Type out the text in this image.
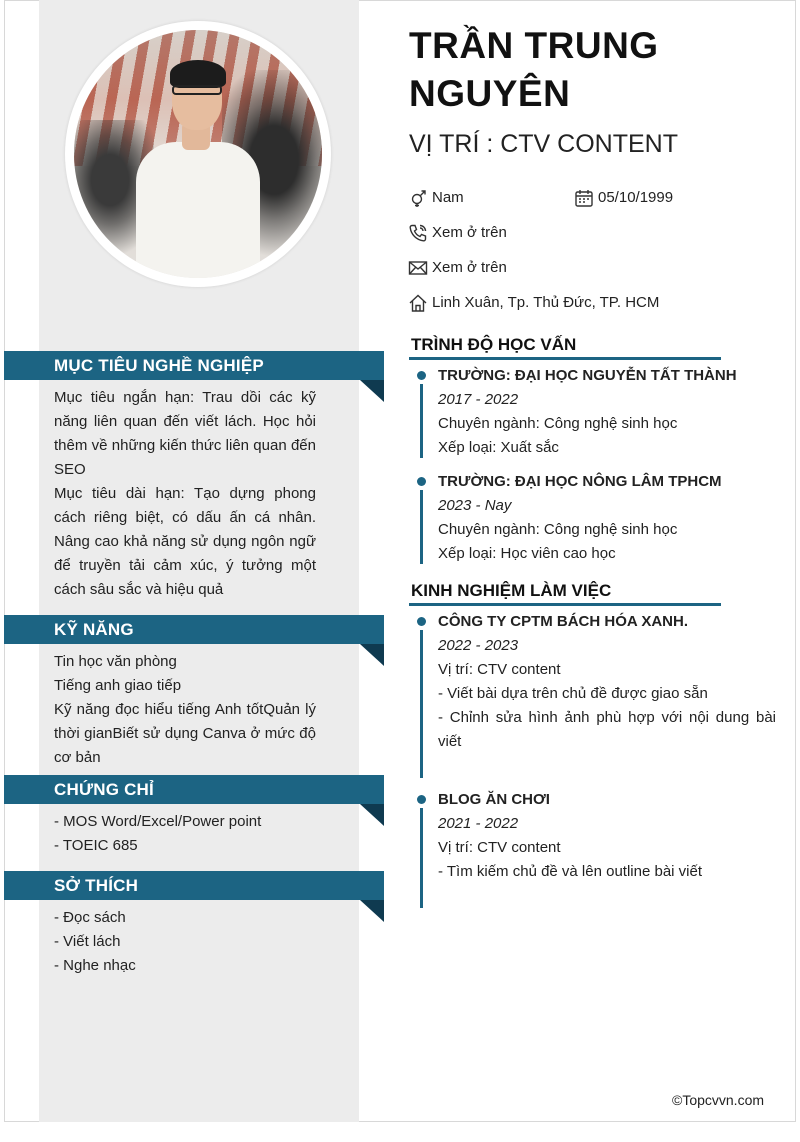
MỤC TIÊU NGHỀ NGHIỆP

Mục tiêu ngắn hạn: Trau dồi các kỹ năng liên quan đến viết lách. Học hỏi thêm về những kiến thức liên quan đến SEO

Mục tiêu dài hạn: Tạo dựng phong cách riêng biệt, có dấu ấn cá nhân. Nâng cao khả năng sử dụng ngôn ngữ để truyền tải cảm xúc, ý tưởng một cách sâu sắc và hiệu quả

KỸ NĂNG

Tin học văn phòng

Tiếng anh giao tiếp

Kỹ năng đọc hiểu tiếng Anh tốtQuản lý thời gianBiết sử dụng Canva ở mức độ cơ bản

CHỨNG CHỈ

- MOS Word/Excel/Power point

- TOEIC 685

SỞ THÍCH

- Đọc sách

- Viết lách

- Nghe nhạc

TRẦN TRUNG
NGUYÊN
VỊ TRÍ : CTV CONTENT
Nam	05/10/1999
Xem ở trên
Xem ở trên
Linh Xuân, Tp. Thủ Đức, TP. HCM
TRÌNH ĐỘ HỌC VẤN
TRƯỜNG: ĐẠI HỌC NGUYỄN TẤT THÀNH
2017 - 2022
Chuyên ngành: Công nghệ sinh học
Xếp loại: Xuất sắc
TRƯỜNG: ĐẠI HỌC NÔNG LÂM TPHCM
2023 - Nay
Chuyên ngành: Công nghệ sinh học
Xếp loại: Học viên cao học
KINH NGHIỆM LÀM VIỆC
CÔNG TY CPTM BÁCH HÓA XANH.
2022 - 2023
Vị trí: CTV content
- Viết bài dựa trên chủ đề được giao sẵn
- Chỉnh sửa hình ảnh phù hợp với nội dung bài viết
BLOG ĂN CHƠI
2021 - 2022
Vị trí: CTV content
- Tìm kiếm chủ đề và lên outline bài viết
©Topcvvn.com
